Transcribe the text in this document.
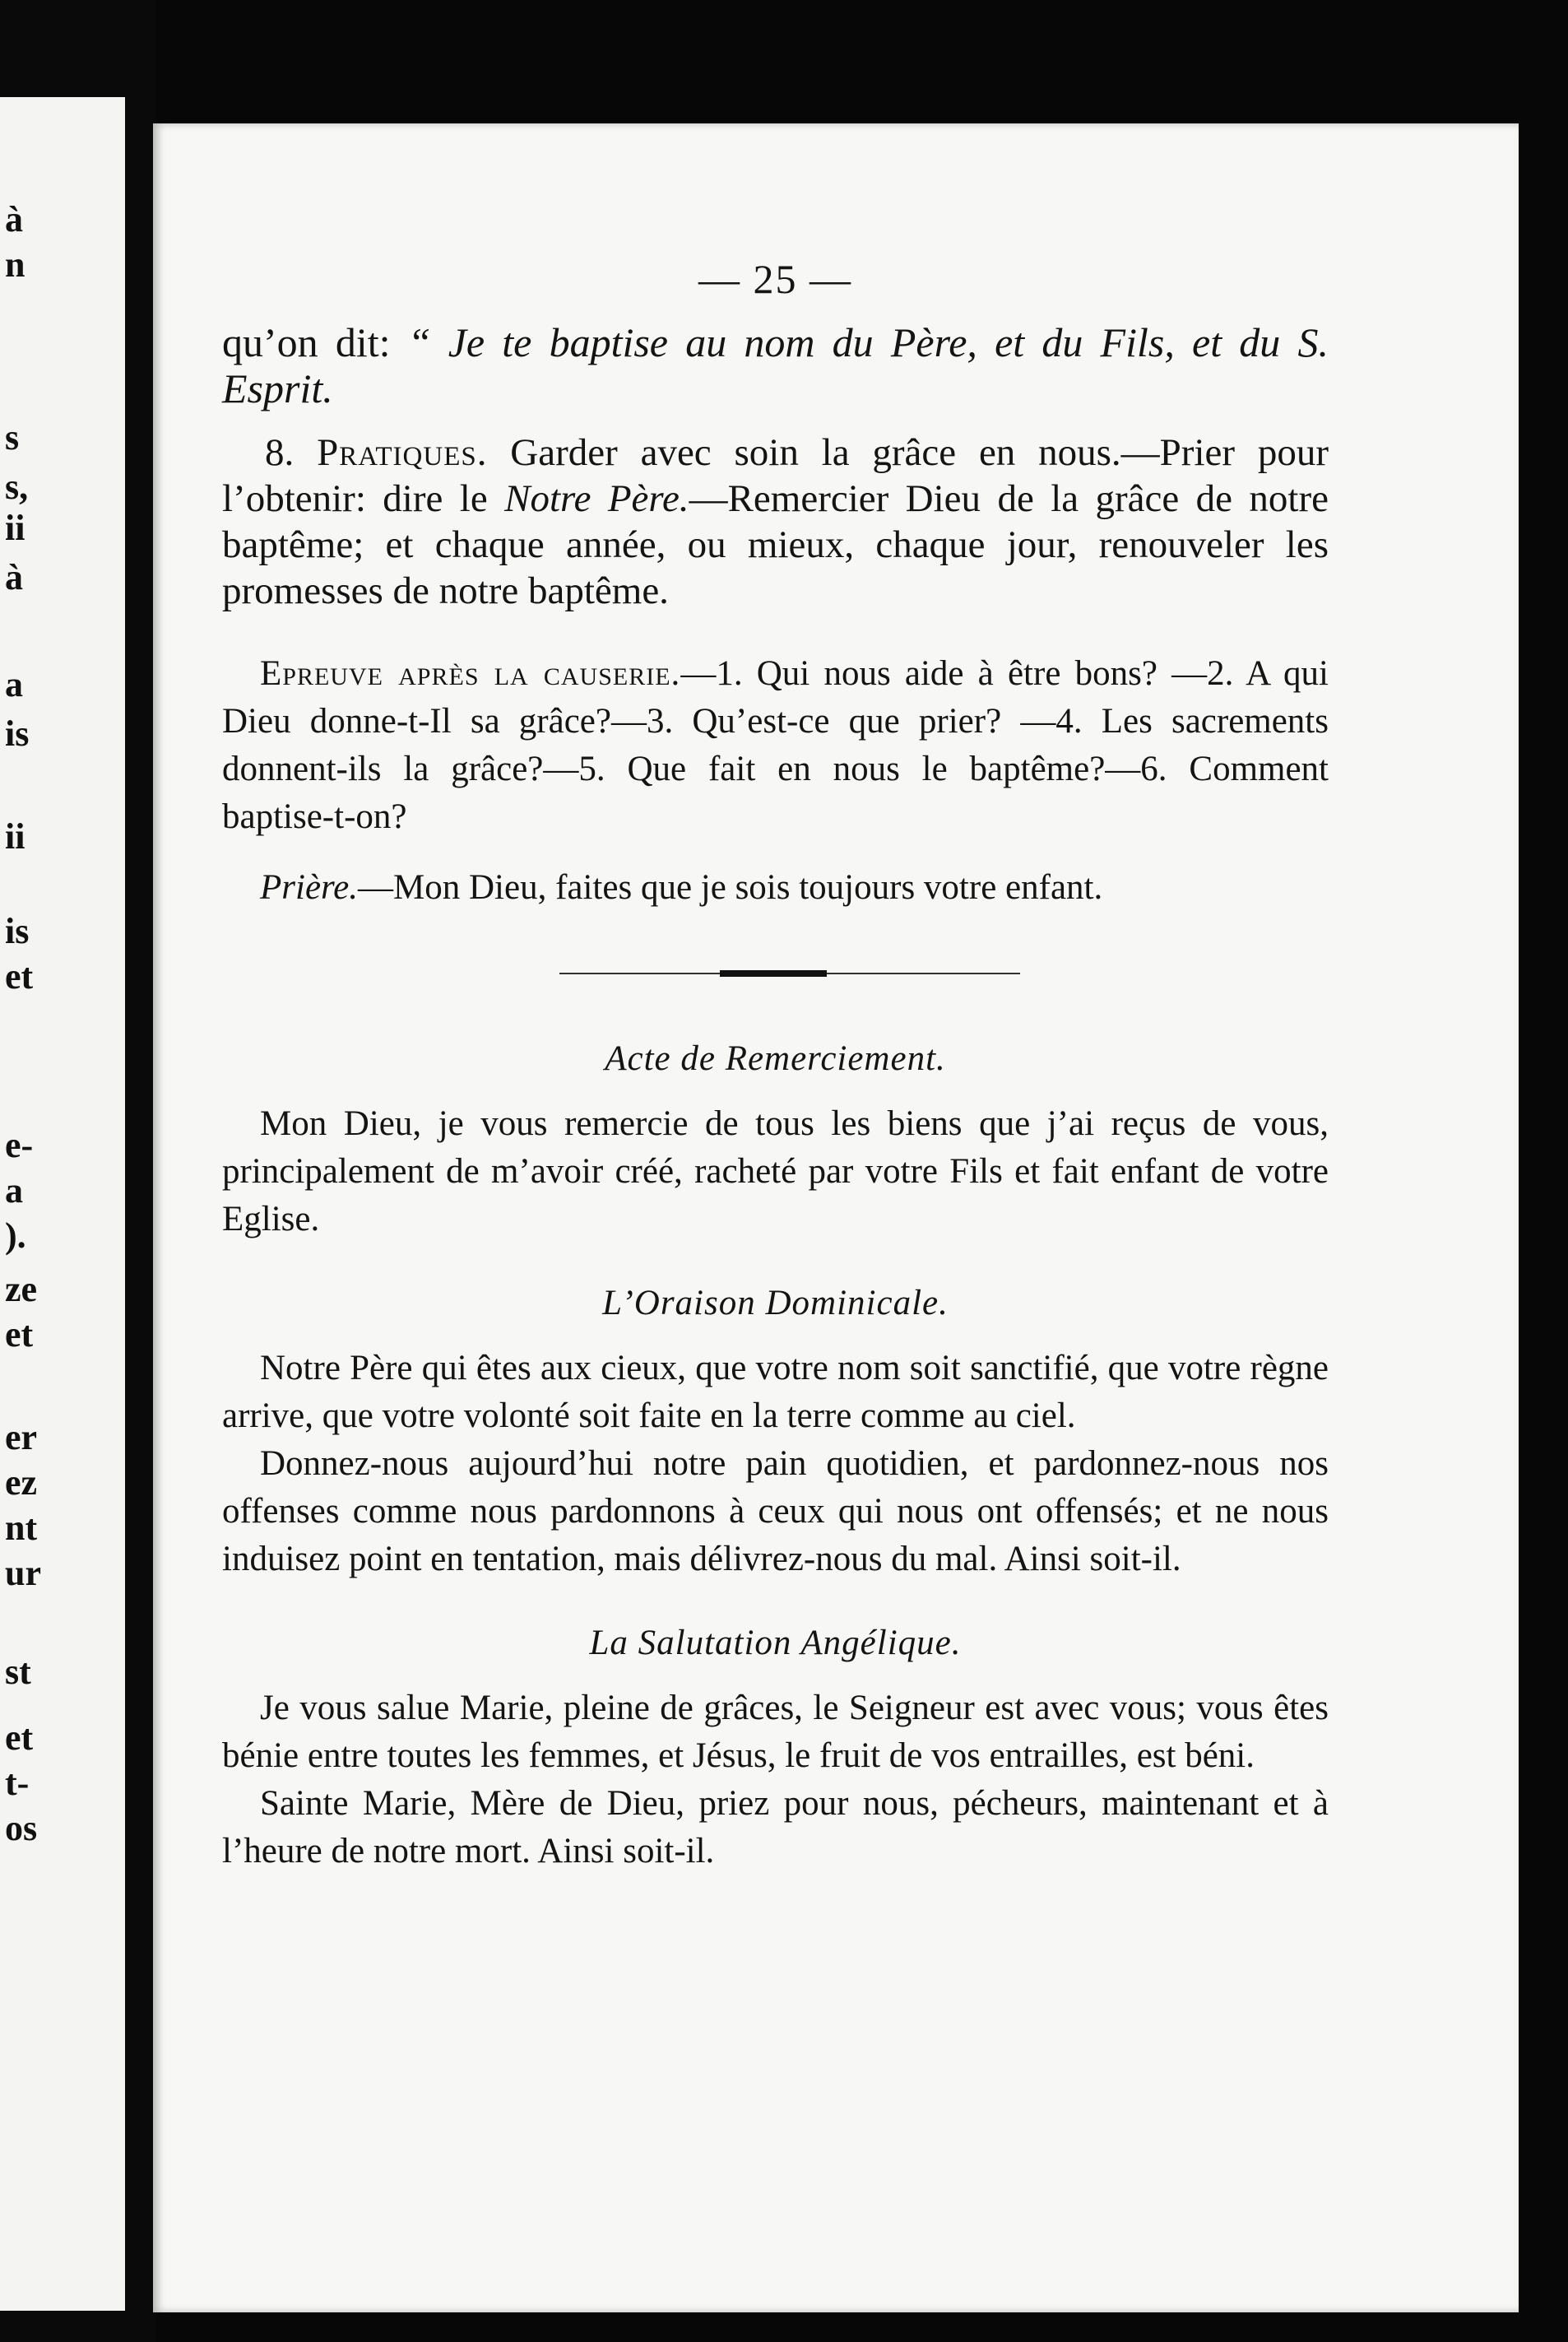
à
n
s
s,
ii
à
a
is
ii
is
et
e-
a
).
ze
et
er
ez
nt
ur
st
et
t-
os
— 25 —

qu’on dit: “ Je te baptise au nom du Père, et du Fils, et du S. Esprit.

8. Pratiques. Garder avec soin la grâce en nous.—Prier pour l’obtenir: dire le Notre Père.—Remercier Dieu de la grâce de notre baptême; et chaque année, ou mieux, chaque jour, renouveler les promesses de notre baptême.

Epreuve après la causerie.—1. Qui nous aide à être bons? —2. A qui Dieu donne-t-Il sa grâce?—3. Qu’est-ce que prier? —4. Les sacrements donnent-ils la grâce?—5. Que fait en nous le baptême?—6. Comment baptise-t-on?

Prière.—Mon Dieu, faites que je sois toujours votre enfant.

Acte de Remerciement.

Mon Dieu, je vous remercie de tous les biens que j’ai reçus de vous, principalement de m’avoir créé, racheté par votre Fils et fait enfant de votre Eglise.

L’Oraison Dominicale.

Notre Père qui êtes aux cieux, que votre nom soit sanctifié, que votre règne arrive, que votre volonté soit faite en la terre comme au ciel.

Donnez-nous aujourd’hui notre pain quotidien, et pardonnez-nous nos offenses comme nous pardonnons à ceux qui nous ont offensés; et ne nous induisez point en tentation, mais délivrez-nous du mal. Ainsi soit-il.

La Salutation Angélique.

Je vous salue Marie, pleine de grâces, le Seigneur est avec vous; vous êtes bénie entre toutes les femmes, et Jésus, le fruit de vos entrailles, est béni.

Sainte Marie, Mère de Dieu, priez pour nous, pécheurs, maintenant et à l’heure de notre mort. Ainsi soit-il.
